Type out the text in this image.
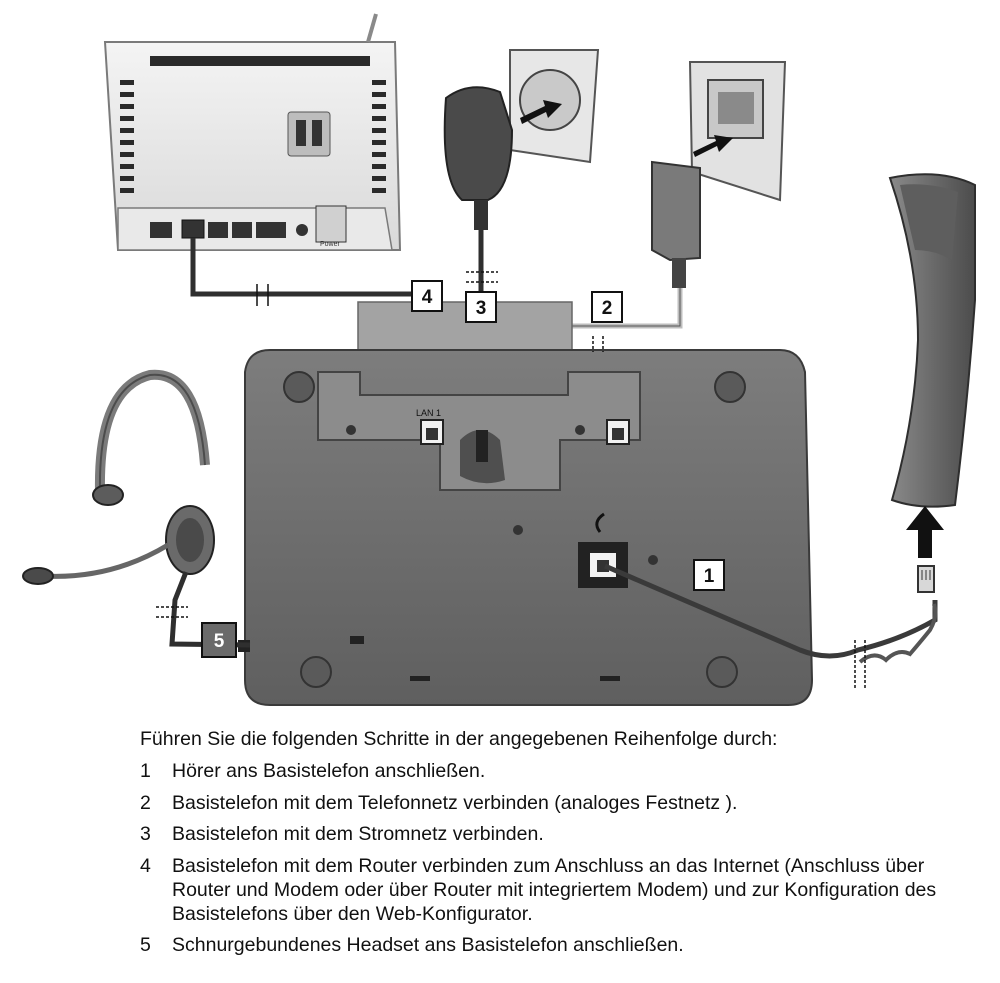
Power
LAN 1
1
2
3
4
5

Führen Sie die folgenden Schritte in der angegebenen Reihenfolge durch:

1	Hörer ans Basistelefon anschließen.
2	Basistelefon mit dem Telefonnetz verbinden (analoges Festnetz ).
3	Basistelefon mit dem Stromnetz verbinden.
4	Basistelefon mit dem Router verbinden zum Anschluss an das Internet (Anschluss über Router und Modem oder über Router mit integriertem Modem) und zur Konfiguration des Basistelefons über den Web-Konfigurator.
5	Schnurgebundenes Headset ans Basistelefon anschließen.
